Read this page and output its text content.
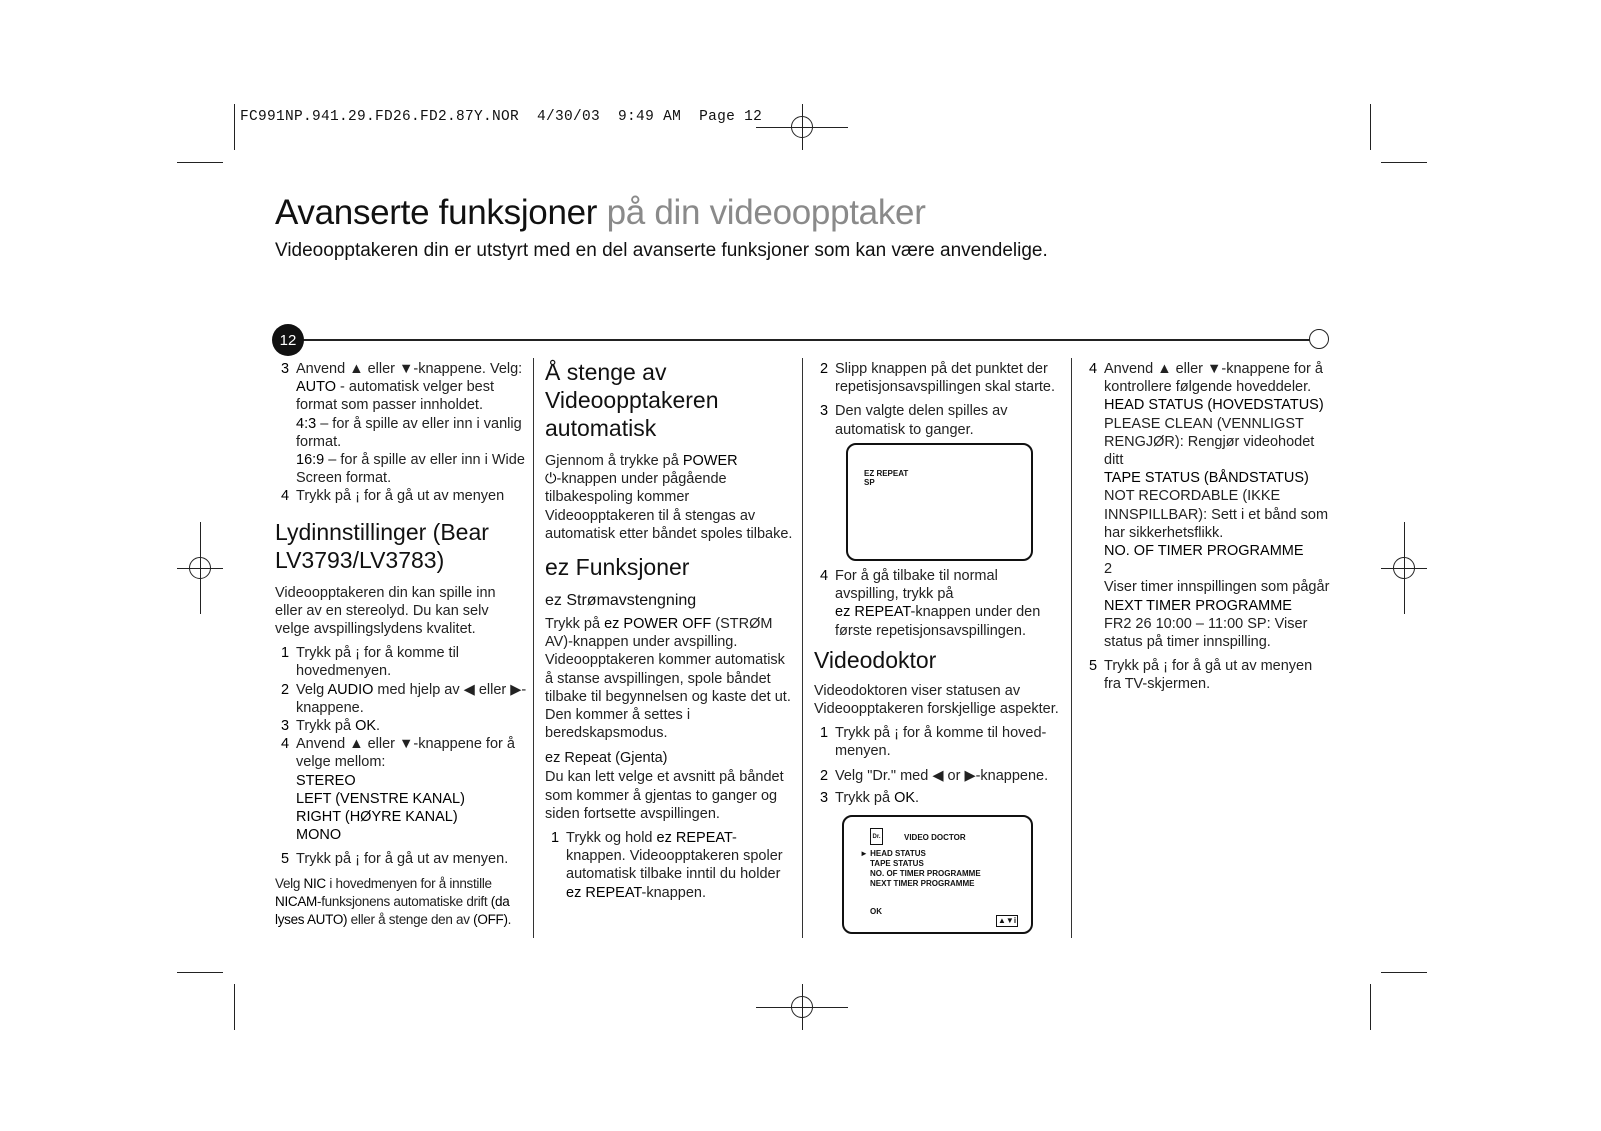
FC991NP.941.29.FD26.FD2.87Y.NOR  4/30/03  9:49 AM  Page 12
Avanserte funksjoner på din videoopptaker
Videoopptakeren din er utstyrt med en del avanserte funksjoner som kan være anvendelige.
12
3 Anvend ▲ eller ▼-knappene. Velg:
AUTO - automatisk velger best format som passer innholdet.
4:3 – for å spille av eller inn i vanlig format.
16:9 – for å spille av eller inn i Wide Screen format.
4 Trykk på ¡ for å gå ut av menyen
Lydinnstillinger (Bear LV3793/LV3783)

Videoopptakeren din kan spille inn eller av en stereolyd. Du kan selv velge avspillingslydens kvalitet.

1 Trykk på ¡ for å komme til hovedmenyen.
2 Velg AUDIO med hjelp av ◀ eller ▶-knappene.
3 Trykk på OK.
4 Anvend ▲ eller ▼-knappene for å velge mellom:
STEREO
LEFT (VENSTRE KANAL)
RIGHT (HØYRE KANAL)
MONO
5 Trykk på ¡ for å gå ut av menyen.

Velg NIC i hovedmenyen for å innstille NICAM-funksjonens automatiske drift (da lyses AUTO) eller å stenge den av (OFF).

Å stenge av Videoopptakeren automatisk

Gjennom å trykke på POWER
⏻-knappen under pågående tilbakespoling kommer Videoopptakeren til å stengas av automatisk etter båndet spoles tilbake.

ez Funksjoner
ez Strømavstengning

Trykk på ez POWER OFF (STRØM AV)-knappen under avspilling. Videoopptakeren kommer automatisk å stanse avspillingen, spole båndet tilbake til begynnelsen og kaste det ut. Den kommer å settes i beredskapsmodus.

ez Repeat (Gjenta)

Du kan lett velge et avsnitt på båndet som kommer å gjentas to ganger og siden fortsette avspillingen.

1 Trykk og hold ez REPEAT-knappen. Videoopptakeren spoler automatisk tilbake inntil du holder ez REPEAT-knappen.
2 Slipp knappen på det punktet der repetisjonsavspillingen skal starte.
3 Den valgte delen spilles av automatisk to ganger.
EZ REPEAT
SP
4 For å gå tilbake til normal avspilling, trykk på
ez REPEAT-knappen under den første repetisjonsavspillingen.
Videodoktor

Videodoktoren viser statusen av Videoopptakeren forskjellige aspekter.

1 Trykk på ¡ for å komme til hoved-menyen.
2 Velg "Dr." med ◀ or ▶-knappene.
3 Trykk på OK.
Dr.	VIDEO DOCTOR
► HEAD STATUS
TAPE STATUS
NO. OF TIMER PROGRAMME
NEXT TIMER PROGRAMME
OK
▲▼i
4 Anvend ▲ eller ▼-knappene for å kontrollere følgende hoveddeler.
HEAD STATUS (HOVEDSTATUS)
PLEASE CLEAN (VENNLIGST RENGJØR): Rengjør videohodet ditt
TAPE STATUS (BÅNDSTATUS)
NOT RECORDABLE (IKKE INNSPILLBAR): Sett i et bånd som har sikkerhetsflikk.
NO. OF TIMER PROGRAMME
2
Viser timer innspillingen som pågår
NEXT TIMER PROGRAMME
FR2 26 10:00 – 11:00 SP: Viser status på timer innspilling.
5 Trykk på ¡ for å gå ut av menyen fra TV-skjermen.
